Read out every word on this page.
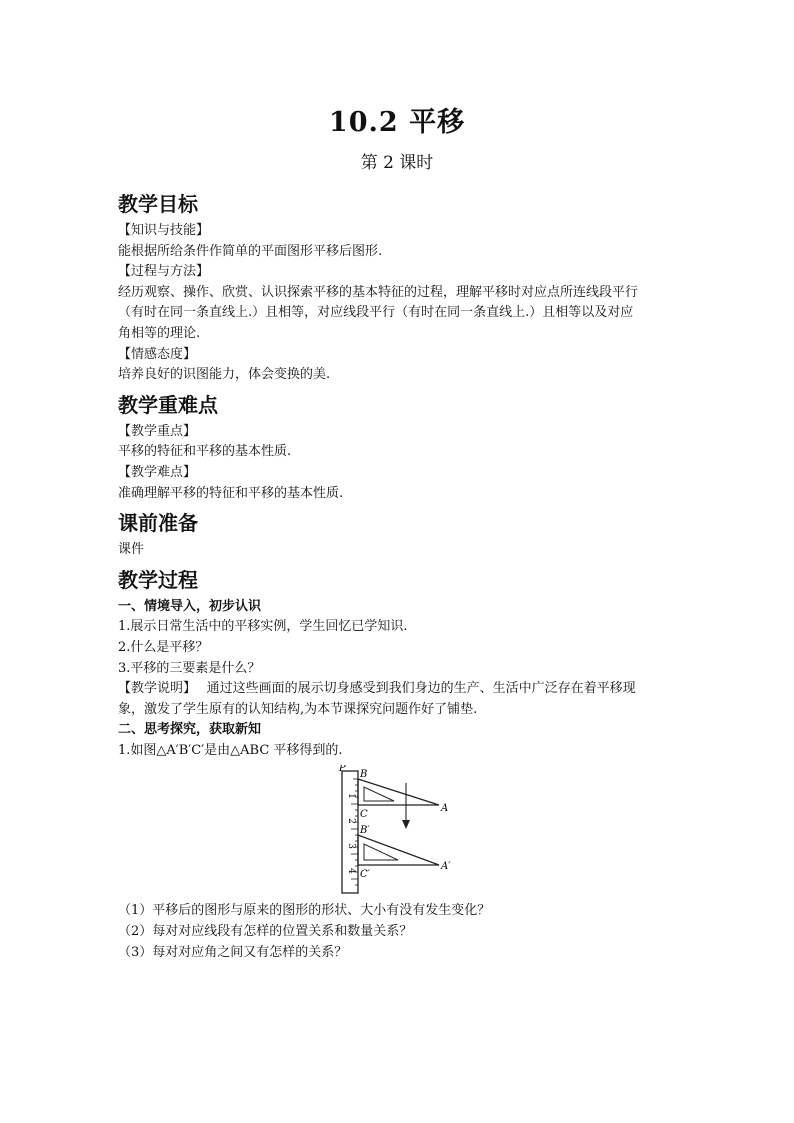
10.2 平移
第 2 课时
教学目标
【知识与技能】
能根据所给条件作简单的平面图形平移后图形.
【过程与方法】
经历观察、操作、欣赏、认识探索平移的基本特征的过程，理解平移时对应点所连线段平行
（有时在同一条直线上.）且相等，对应线段平行（有时在同一条直线上.）且相等以及对应
角相等的理论.
【情感态度】
培养良好的识图能力，体会变换的美.
教学重难点
【教学重点】
平移的特征和平移的基本性质.
【教学难点】
准确理解平移的特征和平移的基本性质.
课前准备
课件
教学过程
一、情境导入，初步认识
1.展示日常生活中的平移实例，学生回忆已学知识.
2.什么是平移？
3.平移的三要素是什么？
【教学说明】　 通过这些画面的展示切身感受到我们身边的生产、生活中广泛存在着平移现
象，激发了学生原有的认知结构,为本节课探究问题作好了铺垫.
二、思考探究，获取新知
1.如图△A′B′C′是由△ABC 平移得到的.
1
2
3
4
P
B
C
A
B′
C′
A′
（1）平移后的图形与原来的图形的形状、大小有没有发生变化？
（2）每对对应线段有怎样的位置关系和数量关系？
（3）每对对应角之间又有怎样的关系？
